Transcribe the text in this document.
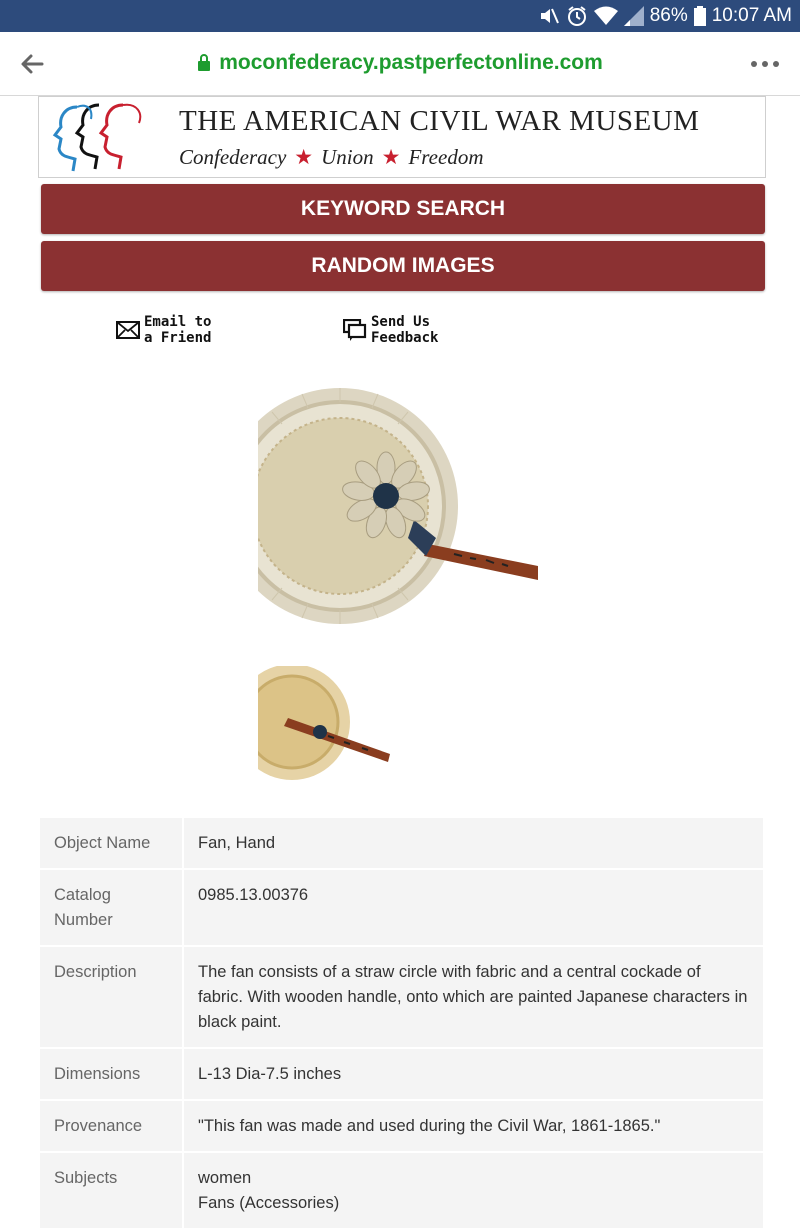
86% 10:07 AM
moconfederacy.pastperfectonline.com
THE AMERICAN CIVIL WAR MUSEUM
Confederacy ★ Union ★ Freedom
KEYWORD SEARCH
RANDOM IMAGES
Email to
a Friend
Send Us
Feedback
Object Name	Fan, Hand
Catalog Number	0985.13.00376
Description	The fan consists of a straw circle with fabric and a central cockade of fabric. With wooden handle, onto which are painted Japanese characters in black paint.
Dimensions	L-13 Dia-7.5 inches
Provenance	"This fan was made and used during the Civil War, 1861-1865."
Subjects	women
Fans (Accessories)
